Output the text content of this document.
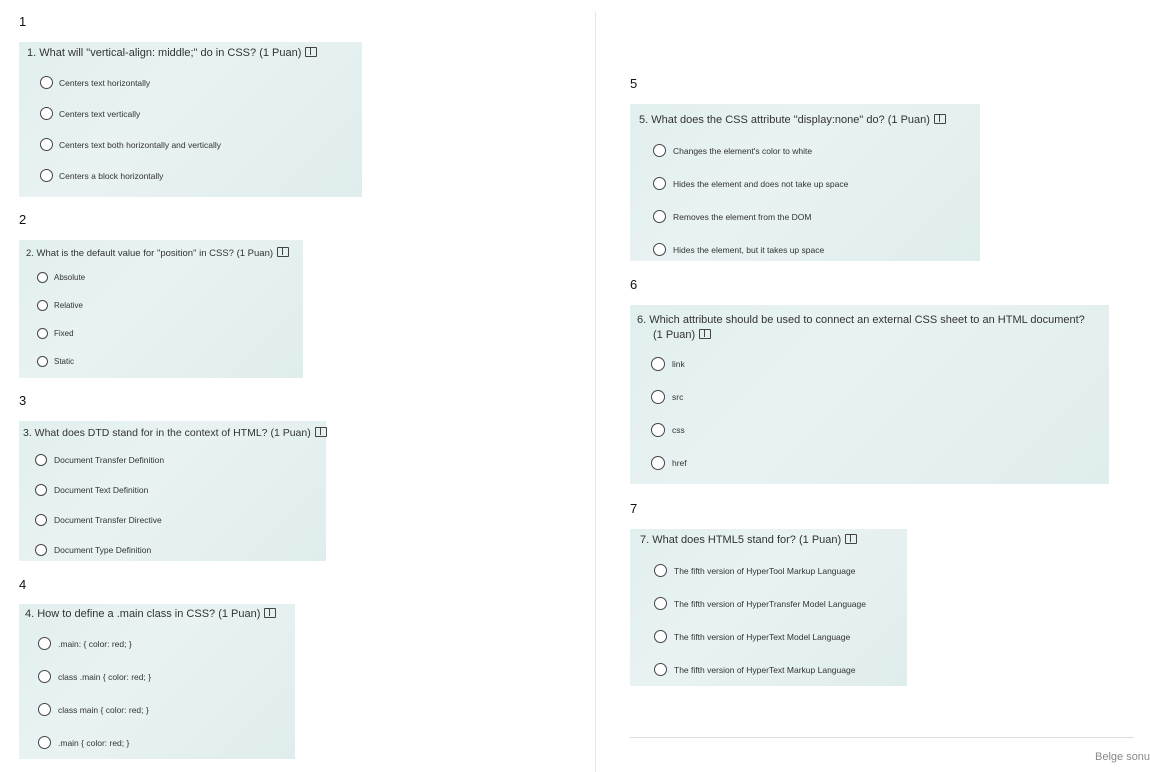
1
1. What will "vertical-align: middle;" do in CSS? (1 Puan)
Centers text horizontally
Centers text vertically
Centers text both horizontally and vertically
Centers a block horizontally
2
2. What is the default value for "position" in CSS? (1 Puan)
Absolute
Relative
Fixed
Static
3
3. What does DTD stand for in the context of HTML? (1 Puan)
Document Transfer Definition
Document Text Definition
Document Transfer Directive
Document Type Definition
4
4. How to define a .main class in CSS? (1 Puan)
.main: { color: red; }
class .main { color: red; }
class main { color: red; }
.main { color: red; }
5
5. What does the CSS attribute "display:none" do? (1 Puan)
Changes the element's color to white
Hides the element and does not take up space
Removes the element from the DOM
Hides the element, but it takes up space
6
6. Which attribute should be used to connect an external CSS sheet to an HTML document?
(1 Puan)
link
src
css
href
7
7. What does HTML5 stand for? (1 Puan)
The fifth version of HyperTool Markup Language
The fifth version of HyperTransfer Model Language
The fifth version of HyperText Model Language
The fifth version of HyperText Markup Language
Belge sonu
